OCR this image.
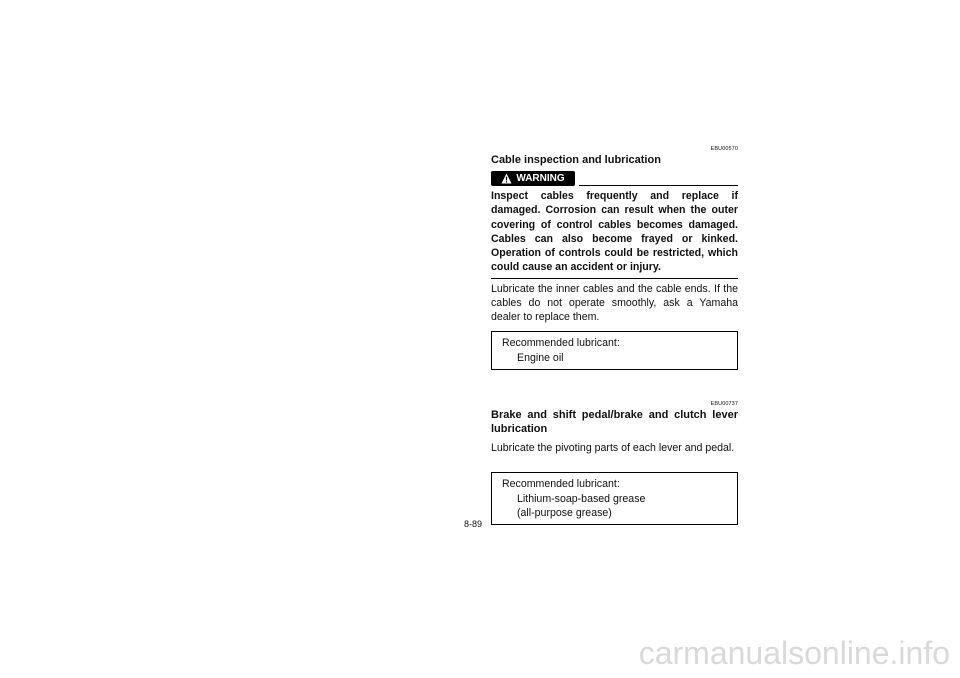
EBU00570
Cable inspection and lubrication
WARNING
Inspect cables frequently and replace if damaged. Corrosion can result when the outer covering of control cables becomes damaged. Cables can also become frayed or kinked. Operation of controls could be restricted, which could cause an accident or injury.
Lubricate the inner cables and the cable ends. If the cables do not operate smoothly, ask a Yamaha dealer to replace them.
Recommended lubricant:
Engine oil
EBU00737
Brake and shift pedal/brake and clutch lever lubrication
Lubricate the pivoting parts of each lever and pedal.
Recommended lubricant:
Lithium-soap-based grease
(all-purpose grease)
8-89
carmanualsonline.info
